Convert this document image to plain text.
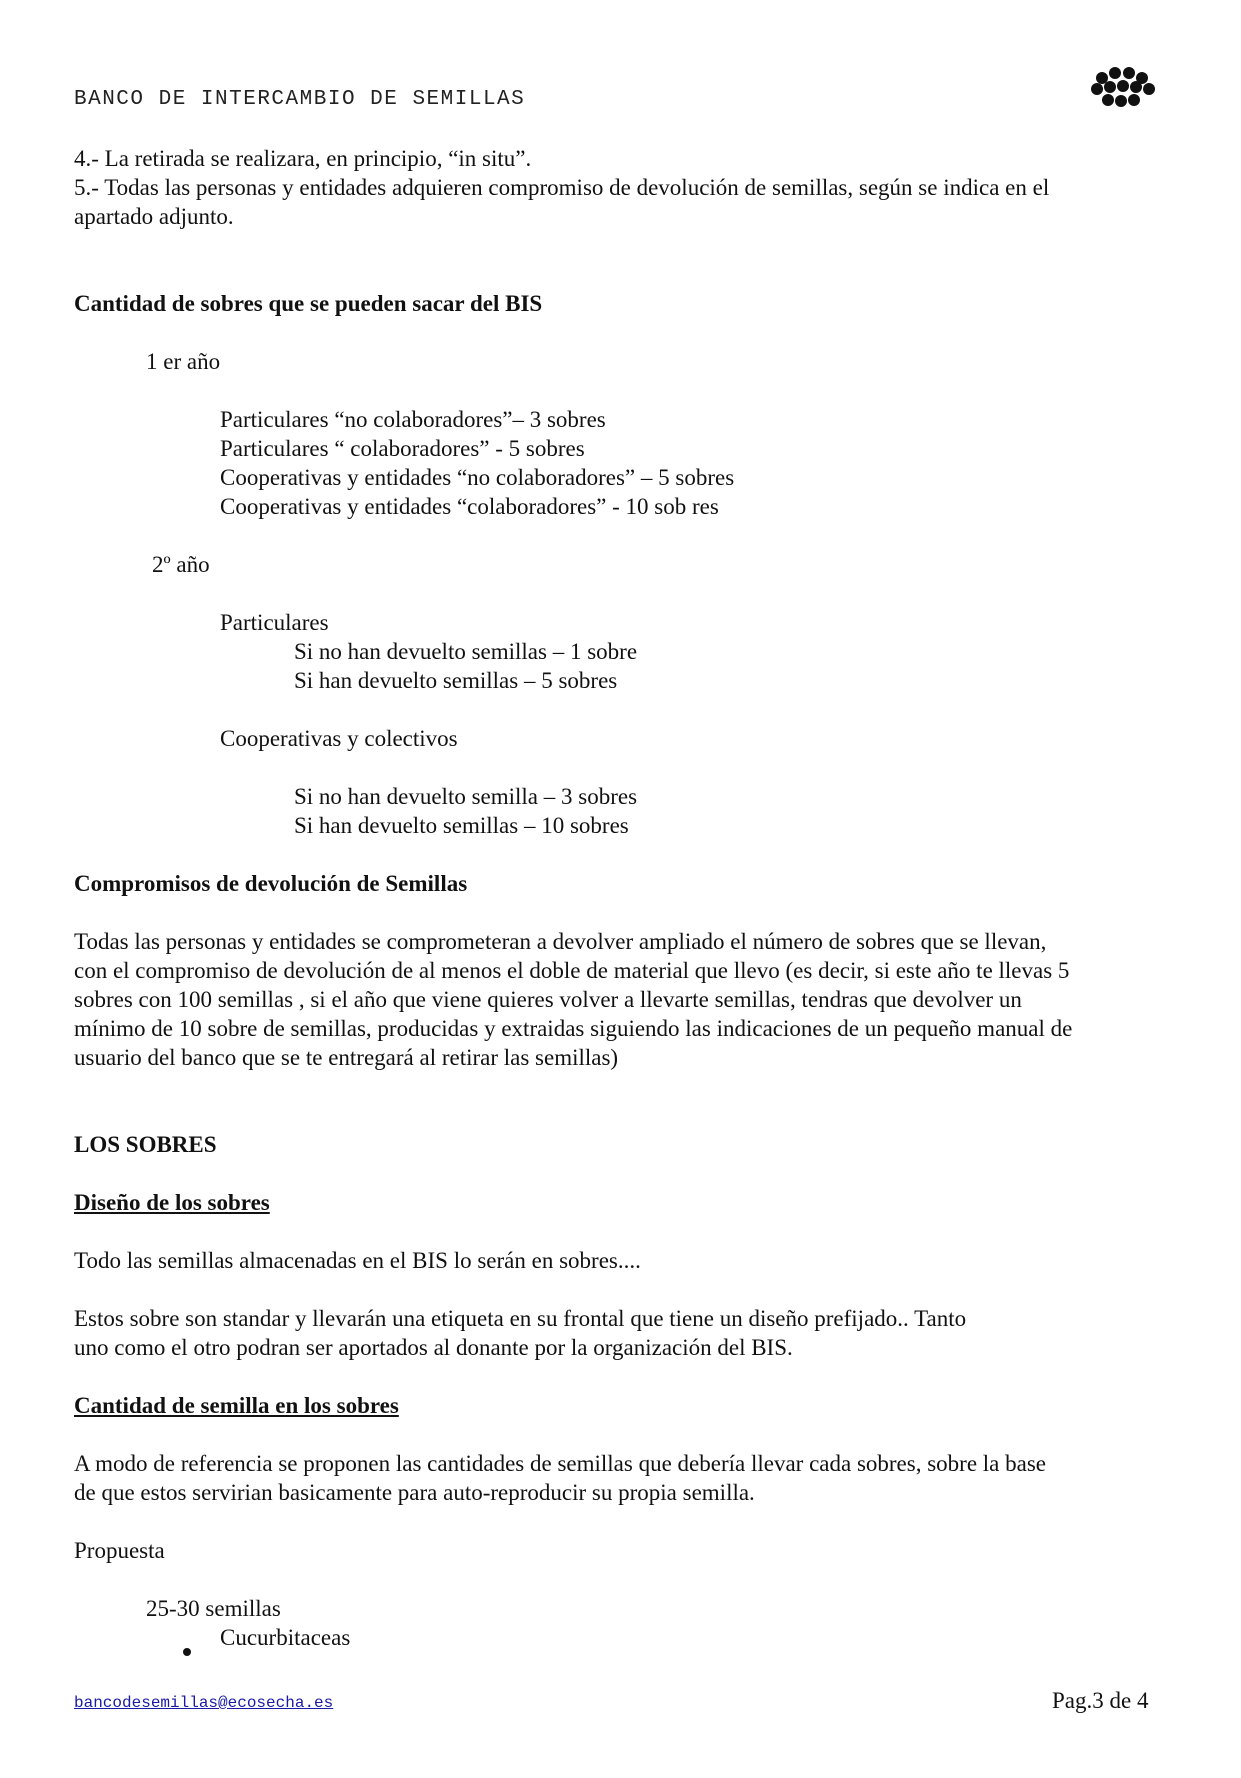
BANCO DE INTERCAMBIO DE SEMILLAS
4.- La retirada se realizara, en principio, “in situ”.
5.- Todas las personas y entidades adquieren compromiso de devolución de semillas, según se indica en el
apartado adjunto.
Cantidad de sobres que se pueden sacar del BIS
1 er año
Particulares “no colaboradores”– 3 sobres
Particulares “ colaboradores” - 5 sobres
Cooperativas y entidades “no colaboradores” – 5 sobres
Cooperativas y entidades “colaboradores” - 10 sob res
2º año
Particulares
Si no han devuelto semillas – 1 sobre
Si han devuelto semillas – 5 sobres
Cooperativas y colectivos
Si no han devuelto semilla – 3 sobres
Si han devuelto semillas – 10 sobres
Compromisos de devolución de Semillas
Todas las personas y entidades se comprometeran a devolver ampliado el número de sobres que se llevan,
con el compromiso de devolución de al menos el doble de material que llevo (es decir, si este año te llevas 5
sobres con 100 semillas , si el año que viene quieres volver a llevarte semillas, tendras que devolver un
mínimo de 10 sobre de semillas, producidas y extraidas siguiendo las indicaciones de un pequeño manual de
usuario del banco que se te entregará al retirar las semillas)
LOS SOBRES
Diseño de los sobres
Todo las semillas almacenadas en el BIS lo serán en sobres....
Estos sobre son standar y llevarán una etiqueta en su frontal que tiene un diseño prefijado.. Tanto
uno como el otro podran ser aportados al donante por la organización del BIS.
Cantidad de semilla en los sobres
A modo de referencia se proponen las cantidades de semillas que debería llevar cada sobres, sobre la base
de que estos servirian basicamente para auto-reproducir su propia semilla.
Propuesta
25-30 semillas
Cucurbitaceas
bancodesemillas@ecosecha.es	Pag.3 de 4
